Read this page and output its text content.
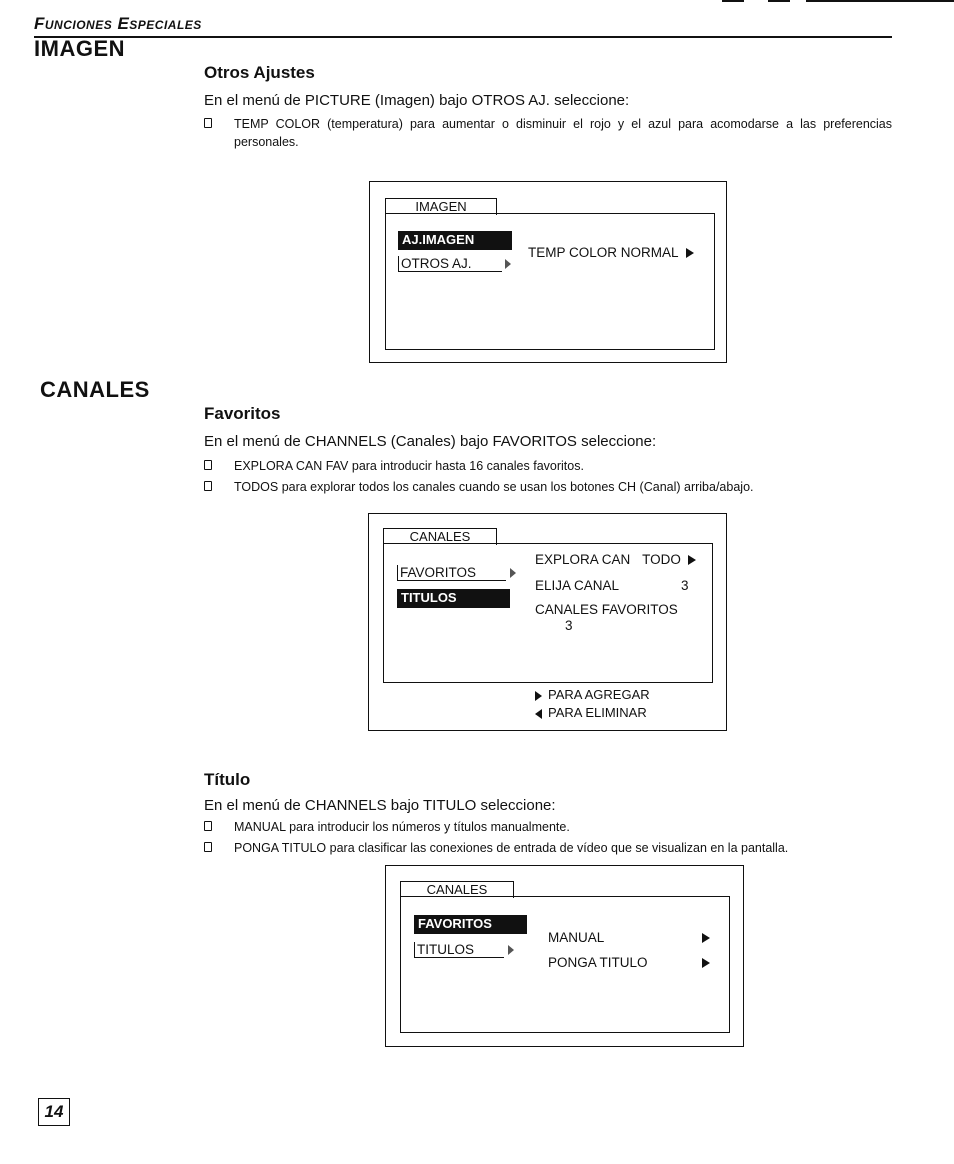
Funciones Especiales
IMAGEN
Otros Ajustes
En el menú de PICTURE (Imagen) bajo OTROS AJ. seleccione:
TEMP COLOR (temperatura) para aumentar o disminuir el rojo y el azul para acomodarse a las preferencias personales.
IMAGEN
AJ.IMAGEN
OTROS AJ.
TEMP COLOR NORMAL
CANALES
Favoritos
En el menú de CHANNELS (Canales) bajo FAVORITOS seleccione:
EXPLORA CAN FAV para introducir hasta 16 canales favoritos.
TODOS para explorar todos los canales cuando se usan los botones CH (Canal) arriba/abajo.
CANALES
FAVORITOS
TITULOS
EXPLORA CAN TODO
ELIJA CANAL	3
CANALES FAVORITOS
3
PARA AGREGAR
PARA ELIMINAR
Título
En el menú de CHANNELS bajo TITULO seleccione:
MANUAL para introducir los números y títulos manualmente.
PONGA TITULO para clasificar las conexiones de entrada de vídeo que se visualizan en la pantalla.
CANALES
FAVORITOS
TITULOS
MANUAL
PONGA TITULO
14
